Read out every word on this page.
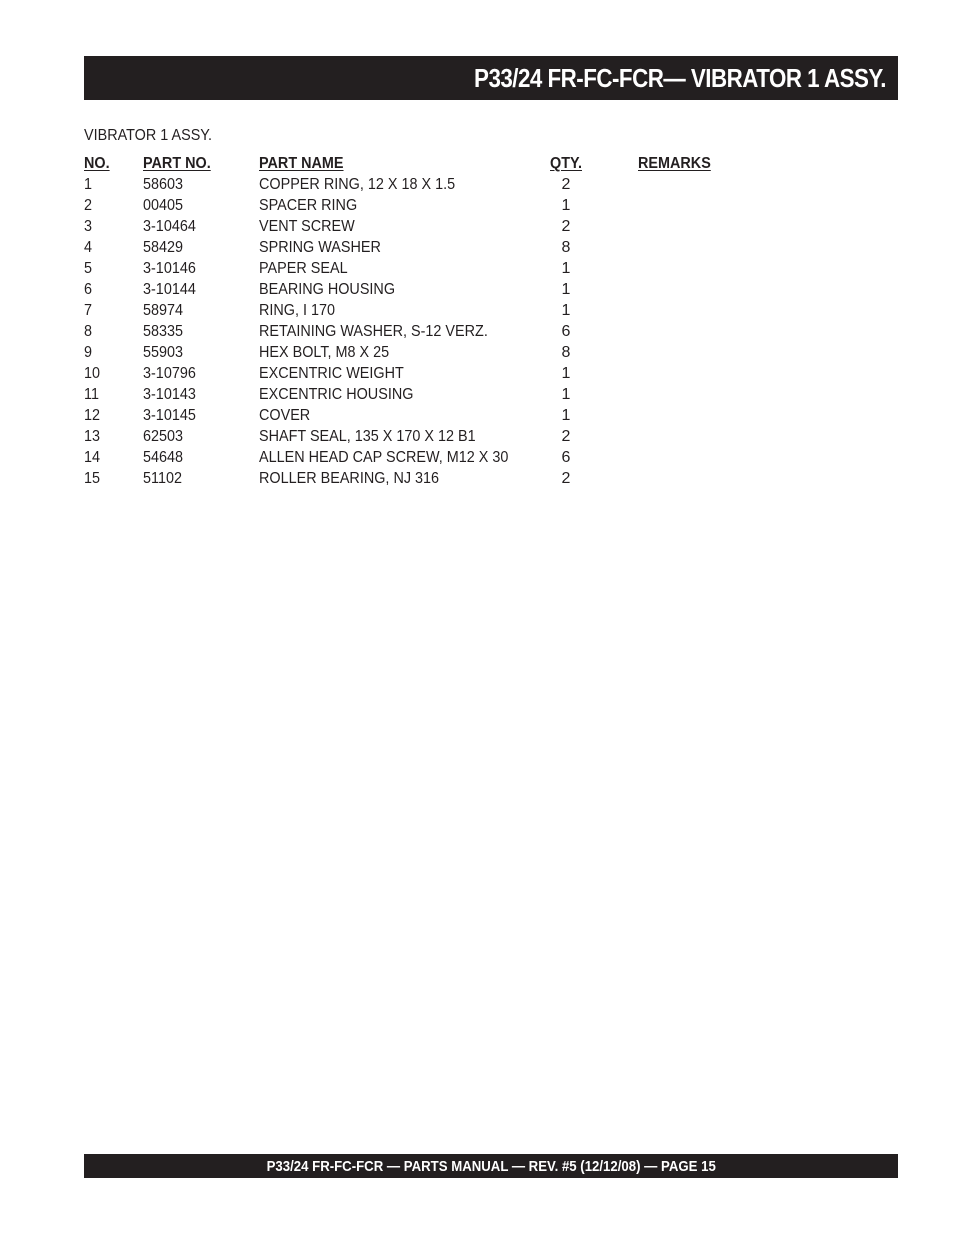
P33/24 FR-FC-FCR— VIBRATOR 1 ASSY.
VIBRATOR 1 ASSY.
NO. PART NO.	PART NAME	QTY.	REMARKS
1	58603	COPPER RING, 12 X 18 X 1.5	2
2	00405	SPACER RING	1
3	3-10464	VENT SCREW	2
4	58429	SPRING WASHER	8
5	3-10146	PAPER SEAL	1
6	3-10144	BEARING HOUSING	1
7	58974	RING, I 170	1
8	58335	RETAINING WASHER, S-12 VERZ.	6
9	55903	HEX BOLT, M8 X 25	8
10	3-10796	EXCENTRIC WEIGHT	1
11	3-10143	EXCENTRIC HOUSING	1
12	3-10145	COVER	1
13	62503	SHAFT SEAL, 135 X 170 X 12 B1	2
14	54648	ALLEN HEAD CAP SCREW, M12 X 30	6
15	51102	ROLLER BEARING, NJ 316	2
P33/24 FR-FC-FCR — PARTS MANUAL — REV. #5 (12/12/08) — PAGE 15
